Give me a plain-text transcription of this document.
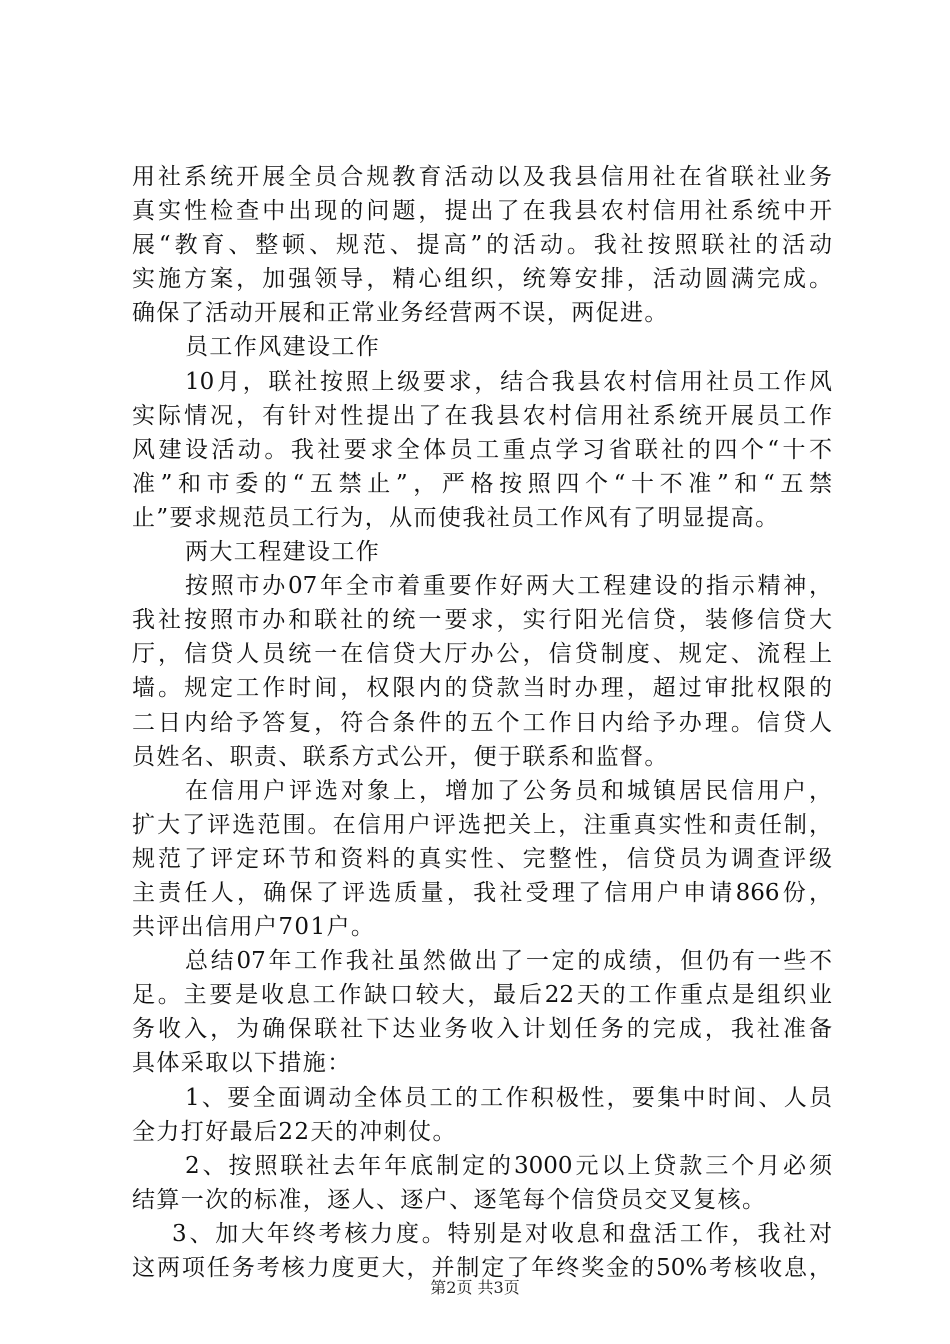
用社系统开展全员合规教育活动以及我县信用社在省联社业务
真实性检查中出现的问题，提出了在我县农村信用社系统中开
展“教育、整顿、规范、提高”的活动。我社按照联社的活动
实施方案，加强领导，精心组织，统筹安排，活动圆满完成。
确保了活动开展和正常业务经营两不误，两促进。
员工作风建设工作
10月，联社按照上级要求，结合我县农村信用社员工作风
实际情况，有针对性提出了在我县农村信用社系统开展员工作
风建设活动。我社要求全体员工重点学习省联社的四个“十不
准”和市委的“五禁止”，严格按照四个“十不准”和“五禁
止”要求规范员工行为，从而使我社员工作风有了明显提高。
两大工程建设工作
按照市办07年全市着重要作好两大工程建设的指示精神，
我社按照市办和联社的统一要求，实行阳光信贷，装修信贷大
厅，信贷人员统一在信贷大厅办公，信贷制度、规定、流程上
墙。规定工作时间，权限内的贷款当时办理，超过审批权限的
二日内给予答复，符合条件的五个工作日内给予办理。信贷人
员姓名、职责、联系方式公开，便于联系和监督。
在信用户评选对象上，增加了公务员和城镇居民信用户，
扩大了评选范围。在信用户评选把关上，注重真实性和责任制，
规范了评定环节和资料的真实性、完整性，信贷员为调查评级
主责任人，确保了评选质量，我社受理了信用户申请866份，
共评出信用户701户。
总结07年工作我社虽然做出了一定的成绩，但仍有一些不
足。主要是收息工作缺口较大，最后22天的工作重点是组织业
务收入，为确保联社下达业务收入计划任务的完成，我社准备
具体采取以下措施：
1、要全面调动全体员工的工作积极性，要集中时间、人员
全力打好最后22天的冲刺仗。
2、按照联社去年年底制定的3000元以上贷款三个月必须
结算一次的标准，逐人、逐户、逐笔每个信贷员交叉复核。
3、加大年终考核力度。特别是对收息和盘活工作，我社对
这两项任务考核力度更大，并制定了年终奖金的50%考核收息，
第2页 共3页
